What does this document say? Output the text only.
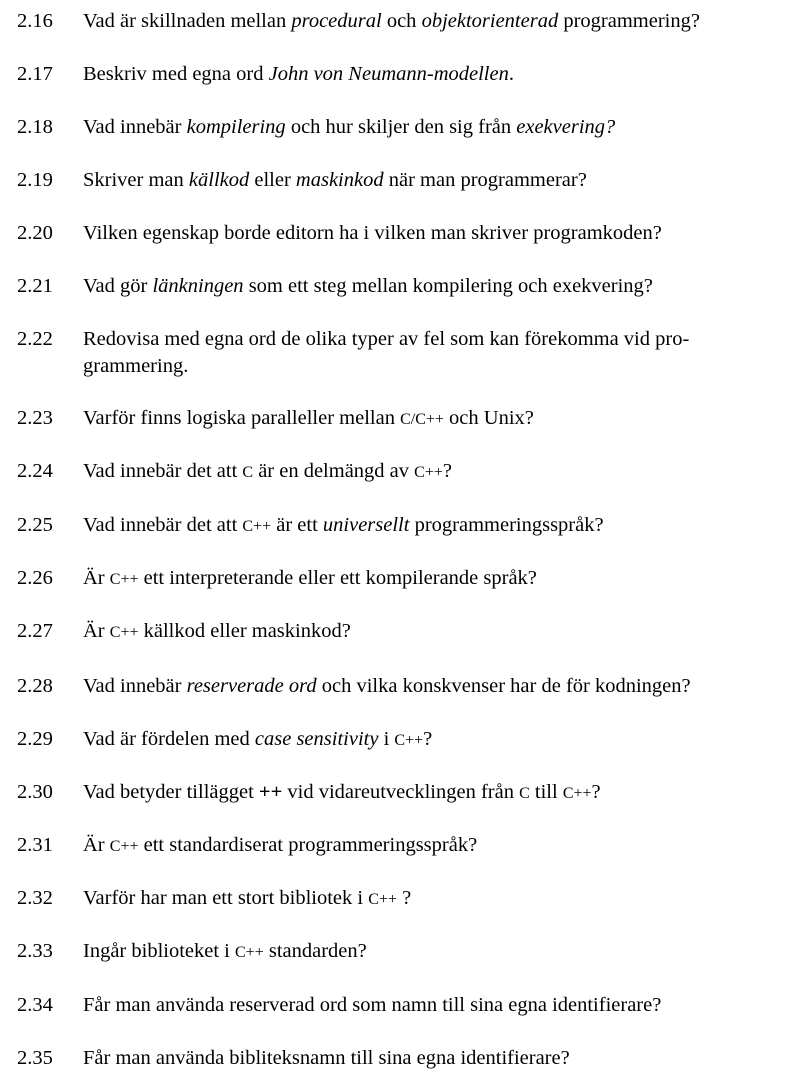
2.16 Vad är skillnaden mellan procedural och objektorienterad programmering?
2.17 Beskriv med egna ord John von Neumann-modellen.
2.18 Vad innebär kompilering och hur skiljer den sig från exekvering?
2.19 Skriver man källkod eller maskinkod när man programmerar?
2.20 Vilken egenskap borde editorn ha i vilken man skriver programkoden?
2.21 Vad gör länkningen som ett steg mellan kompilering och exekvering?
2.22 Redovisa med egna ord de olika typer av fel som kan förekomma vid pro-grammering.
2.23 Varför finns logiska paralleller mellan C/C++ och Unix?
2.24 Vad innebär det att C är en delmängd av C++?
2.25 Vad innebär det att C++ är ett universellt programmeringsspråk?
2.26 Är C++ ett interpreterande eller ett kompilerande språk?
2.27 Är C++ källkod eller maskinkod?
2.28 Vad innebär reserverade ord och vilka konskvenser har de för kodningen?
2.29 Vad är fördelen med case sensitivity i C++?
2.30 Vad betyder tillägget ++ vid vidareutvecklingen från C till C++?
2.31 Är C++ ett standardiserat programmeringsspråk?
2.32 Varför har man ett stort bibliotek i C++ ?
2.33 Ingår biblioteket i C++ standarden?
2.34 Får man använda reserverad ord som namn till sina egna identifierare?
2.35 Får man använda bibliteksnamn till sina egna identifierare?
